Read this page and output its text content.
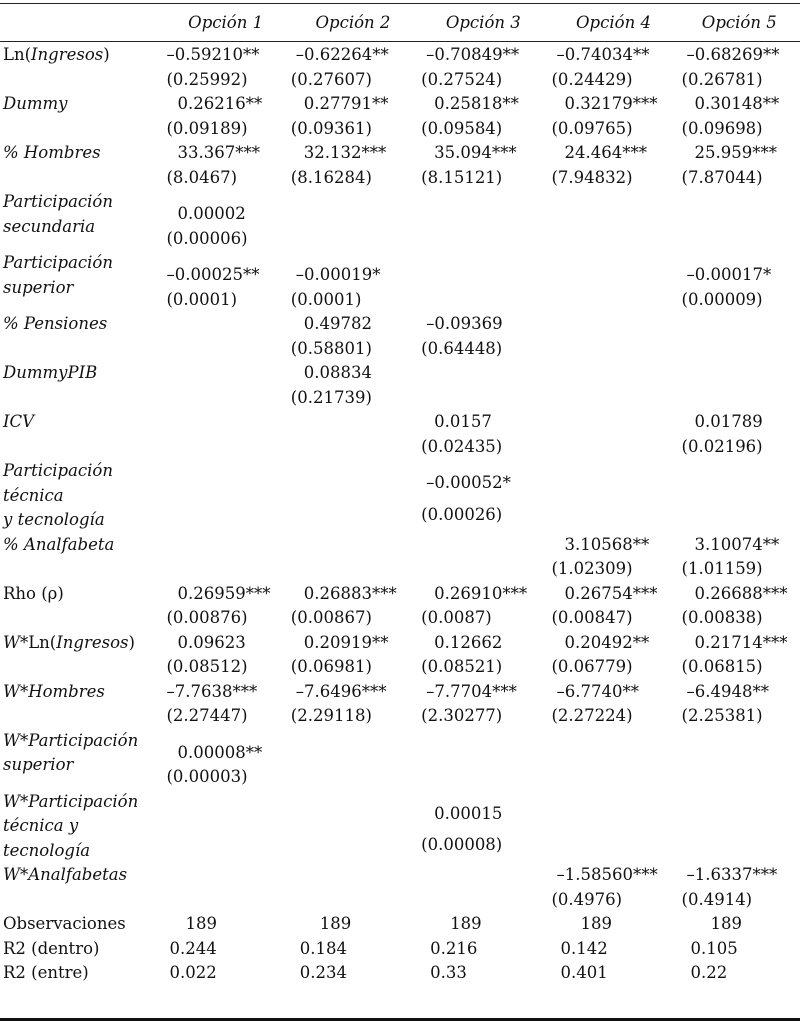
	Opción 1	Opción 2	Opción 3	Opción 4	Opción 5
Ln(Ingresos)	–0.59210**	–0.62264**	–0.70849**	–0.74034**	–0.68269**
	(0.25992)	(0.27607)	(0.27524)	(0.24429)	(0.26781)
Dummy	0.26216**	0.27791**	0.25818**	0.32179***	0.30148**
	(0.09189)	(0.09361)	(0.09584)	(0.09765)	(0.09698)
% Hombres	33.367***	32.132***	35.094***	24.464***	25.959***
	(8.0467)	(8.16284)	(8.15121)	(7.94832)	(7.87044)
Participación
secundaria	0.00002				
	(0.00006)				
Participación
superior	–0.00025**	–0.00019*			–0.00017*
	(0.0001)	(0.0001)			(0.00009)
% Pensiones		0.49782	–0.09369		
		(0.58801)	(0.64448)		
DummyPIB		0.08834			
		(0.21739)			
ICV			0.0157		0.01789
			(0.02435)		(0.02196)
Participación técnica
y tecnología			–0.00052*		
			(0.00026)		
% Analfabeta				3.10568**	3.10074**
				(1.02309)	(1.01159)
Rho (ρ)	0.26959***	0.26883***	0.26910***	0.26754***	0.26688***
	(0.00876)	(0.00867)	(0.0087)	(0.00847)	(0.00838)
W*Ln(Ingresos)	0.09623	0.20919**	0.12662	0.20492**	0.21714***
	(0.08512)	(0.06981)	(0.08521)	(0.06779)	(0.06815)
W*Hombres	–7.7638***	–7.6496***	–7.7704***	–6.7740**	–6.4948**
	(2.27447)	(2.29118)	(2.30277)	(2.27224)	(2.25381)
W*Participación
superior	0.00008**				
	(0.00003)				
W*Participación
técnica y tecnología			0.00015		
			(0.00008)		
W*Analfabetas				–1.58560***	–1.6337***
				(0.4976)	(0.4914)
Observaciones	189	189	189	189	189
R2 (dentro)	0.244	0.184	0.216	0.142	0.105
R2 (entre)	0.022	0.234	0.33	0.401	0.22
